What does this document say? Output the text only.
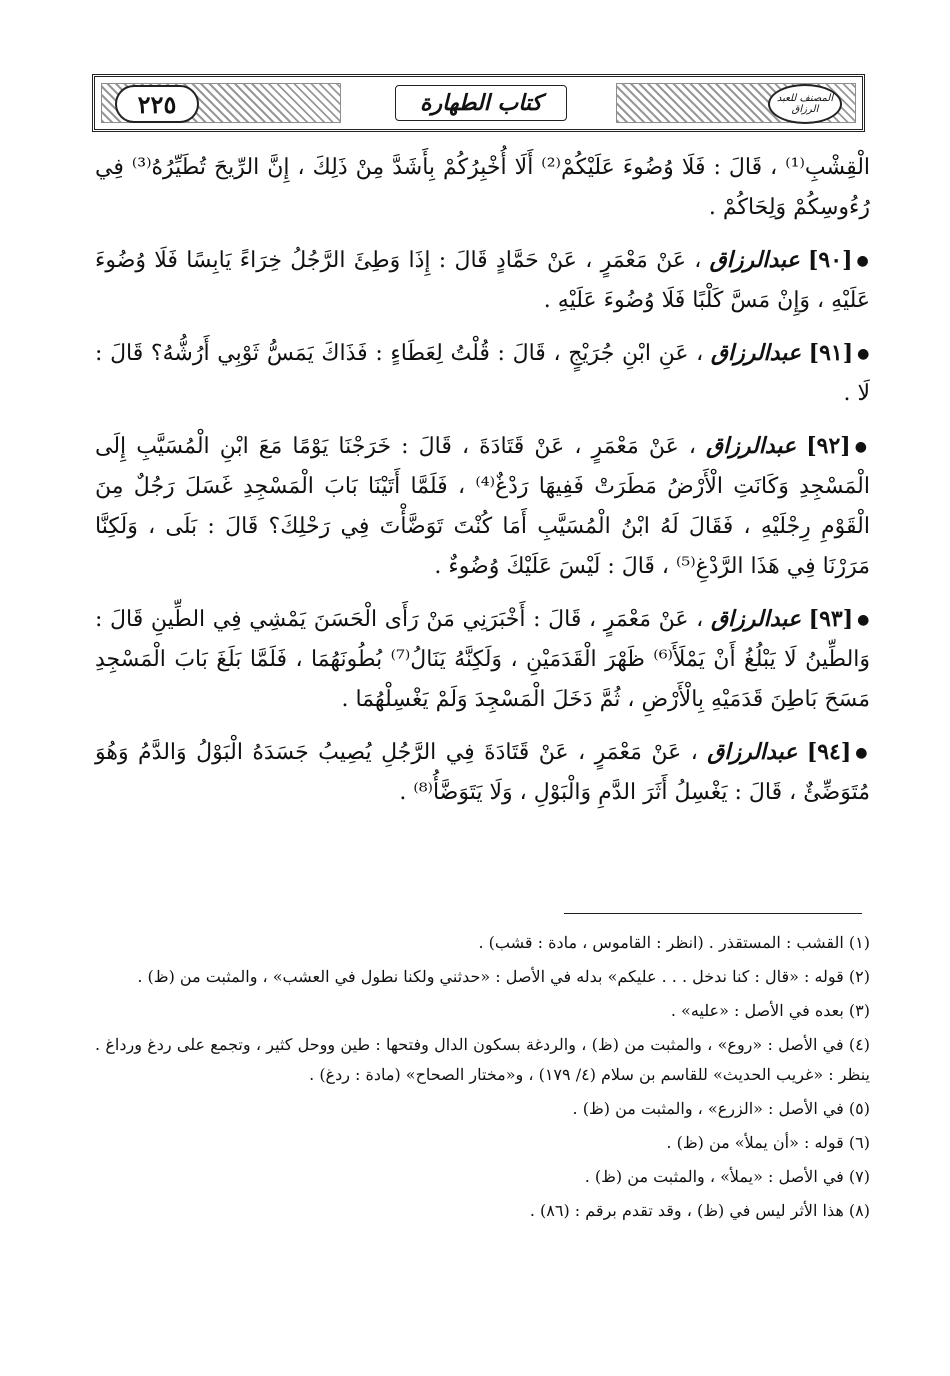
٢٢٥	كتاب الطهارة	المصنف للعبد الرزاق

الْقِشْبِ⁽¹⁾ ، قَالَ : فَلَا وُضُوءَ عَلَيْكُمْ⁽²⁾ أَلَا أُخْبِرُكُمْ بِأَشَدَّ مِنْ ذَلِكَ ، إِنَّ الرِّيحَ تُطَيِّرُهُ⁽³⁾ فِي رُءُوسِكُمْ وَلِحَاكُمْ .

●[٩٠] عبدالرزاق ، عَنْ مَعْمَرٍ ، عَنْ حَمَّادٍ قَالَ : إِذَا وَطِئَ الرَّجُلُ خِرَاءً يَابِسًا فَلَا وُضُوءَ عَلَيْهِ ، وَإِنْ مَسَّ كَلْبًا فَلَا وُضُوءَ عَلَيْهِ .

●[٩١] عبدالرزاق ، عَنِ ابْنِ جُرَيْجٍ ، قَالَ : قُلْتُ لِعَطَاءٍ : فَذَاكَ يَمَسُّ ثَوْبِي أَرُشُّهُ؟ قَالَ : لَا .

●[٩٢] عبدالرزاق ، عَنْ مَعْمَرٍ ، عَنْ قَتَادَةَ ، قَالَ : خَرَجْنَا يَوْمًا مَعَ ابْنِ الْمُسَيَّبِ إِلَى الْمَسْجِدِ وَكَانَتِ الْأَرْضُ مَطَرَتْ فَفِيهَا رَدْغٌ⁽⁴⁾ ، فَلَمَّا أَتَيْنَا بَابَ الْمَسْجِدِ غَسَلَ رَجُلٌ مِنَ الْقَوْمِ رِجْلَيْهِ ، فَقَالَ لَهُ ابْنُ الْمُسَيَّبِ أَمَا كُنْتَ تَوَضَّأْتَ فِي رَحْلِكَ؟ قَالَ : بَلَى ، وَلَكِنَّا مَرَرْنَا فِي هَذَا الرَّدْغِ⁽⁵⁾ ، قَالَ : لَيْسَ عَلَيْكَ وُضُوءٌ .

●[٩٣] عبدالرزاق ، عَنْ مَعْمَرٍ ، قَالَ : أَخْبَرَنِي مَنْ رَأَى الْحَسَنَ يَمْشِي فِي الطِّينِ قَالَ : وَالطِّينُ لَا يَبْلُغُ أَنْ يَمْلَأَ⁽⁶⁾ ظَهْرَ الْقَدَمَيْنِ ، وَلَكِنَّهُ يَنَالُ⁽⁷⁾ بُطُونَهُمَا ، فَلَمَّا بَلَغَ بَابَ الْمَسْجِدِ مَسَحَ بَاطِنَ قَدَمَيْهِ بِالْأَرْضِ ، ثُمَّ دَخَلَ الْمَسْجِدَ وَلَمْ يَغْسِلْهُمَا .

●[٩٤] عبدالرزاق ، عَنْ مَعْمَرٍ ، عَنْ قَتَادَةَ فِي الرَّجُلِ يُصِيبُ جَسَدَهُ الْبَوْلُ وَالدَّمُ وَهُوَ مُتَوَضِّئٌ ، قَالَ : يَغْسِلُ أَثَرَ الدَّمِ وَالْبَوْلِ ، وَلَا يَتَوَضَّأُ⁽⁸⁾ .

(١) القشب : المستقذر . (انظر : القاموس ، مادة : قشب) .

(٢) قوله : «قال : كنا ندخل . . . عليكم» بدله في الأصل : «حدثني ولكنا نطول في العشب» ، والمثبت من (ظ) .

(٣) بعده في الأصل : «عليه» .

(٤) في الأصل : «روع» ، والمثبت من (ظ) ، والردغة بسكون الدال وفتحها : طين ووحل كثير ، وتجمع على ردغ ورداغ . ينظر : «غريب الحديث» للقاسم بن سلام (٤/ ١٧٩) ، و«مختار الصحاح» (مادة : ردغ) .

(٥) في الأصل : «الزرع» ، والمثبت من (ظ) .

(٦) قوله : «أن يملأ» من (ظ) .

(٧) في الأصل : «يملأ» ، والمثبت من (ظ) .

(٨) هذا الأثر ليس في (ظ) ، وقد تقدم برقم : (٨٦) .
